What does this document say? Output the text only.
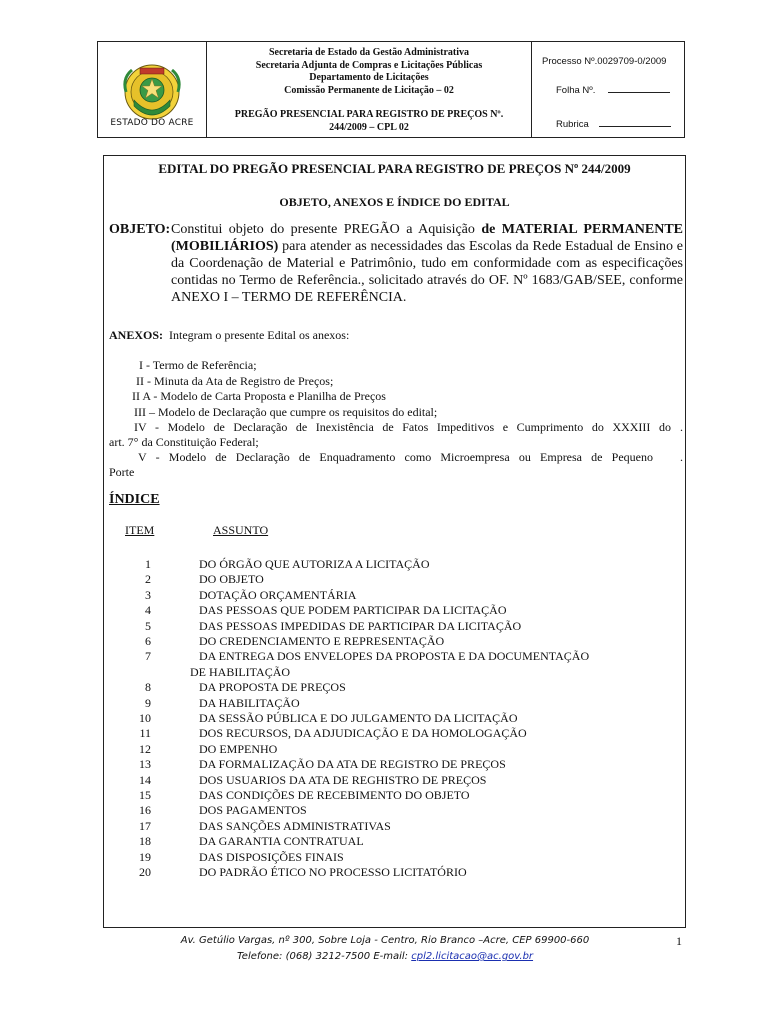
ESTADO DO ACRE
Secretaria de Estado da Gestão Administrativa
Secretaria Adjunta de Compras e Licitações Públicas
Departamento de Licitações
Comissão Permanente de Licitação – 02
PREGÃO PRESENCIAL PARA REGISTRO DE PREÇOS Nº.
244/2009 – CPL 02
Processo Nº.0029709-0/2009
Folha Nº.
Rubrica
EDITAL DO PREGÃO PRESENCIAL PARA REGISTRO DE PREÇOS Nº 244/2009
OBJETO, ANEXOS E ÍNDICE DO EDITAL
OBJETO: Constitui objeto do presente PREGÃO a Aquisição de MATERIAL PERMANENTE (MOBILIÁRIOS) para atender as necessidades das Escolas da Rede Estadual de Ensino e da Coordenação de Material e Patrimônio, tudo em conformidade com as especificações contidas no Termo de Referência., solicitado através do OF. Nº 1683/GAB/SEE, conforme ANEXO I – TERMO DE REFERÊNCIA.
ANEXOS: Integram o presente Edital os anexos:
I - Termo de Referência;
II - Minuta da Ata de Registro de Preços;
II A - Modelo de Carta Proposta e Planilha de Preços
III – Modelo de Declaração que cumpre os requisitos do edital;
IV - Modelo de Declaração de Inexistência de Fatos Impeditivos e Cumprimento do XXXIII do .
art. 7° da Constituição Federal;
V - Modelo de Declaração de Enquadramento como Microempresa ou Empresa de Pequeno .
Porte
ÍNDICE
ITEM	ASSUNTO
1	DO ÓRGÃO QUE AUTORIZA A LICITAÇÃO
2	DO OBJETO
3	DOTAÇÃO ORÇAMENTÁRIA
4	DAS PESSOAS QUE PODEM PARTICIPAR DA LICITAÇÃO
5	DAS PESSOAS IMPEDIDAS DE PARTICIPAR DA LICITAÇÃO
6	DO CREDENCIAMENTO E REPRESENTAÇÃO
7	DA ENTREGA DOS ENVELOPES DA PROPOSTA E DA DOCUMENTAÇÃO
DE HABILITAÇÃO
8	DA PROPOSTA DE PREÇOS
9	DA HABILITAÇÃO
10	DA SESSÃO PÚBLICA E DO JULGAMENTO DA LICITAÇÃO
11	DOS RECURSOS, DA ADJUDICAÇÃO E DA HOMOLOGAÇÃO
12	DO EMPENHO
13	DA FORMALIZAÇÃO DA ATA DE REGISTRO DE PREÇOS
14	DOS USUARIOS DA ATA DE REGHISTRO DE PREÇOS
15	DAS CONDIÇÕES DE RECEBIMENTO DO OBJETO
16	DOS PAGAMENTOS
17	DAS SANÇÕES ADMINISTRATIVAS
18	DA GARANTIA CONTRATUAL
19	DAS DISPOSIÇÕES FINAIS
20	DO PADRÃO ÉTICO NO PROCESSO LICITATÓRIO
Av. Getúlio Vargas, nº 300, Sobre Loja - Centro, Rio Branco –Acre, CEP 69900-660
Telefone: (068) 3212-7500 E-mail: cpl2.licitacao@ac.gov.br
1
